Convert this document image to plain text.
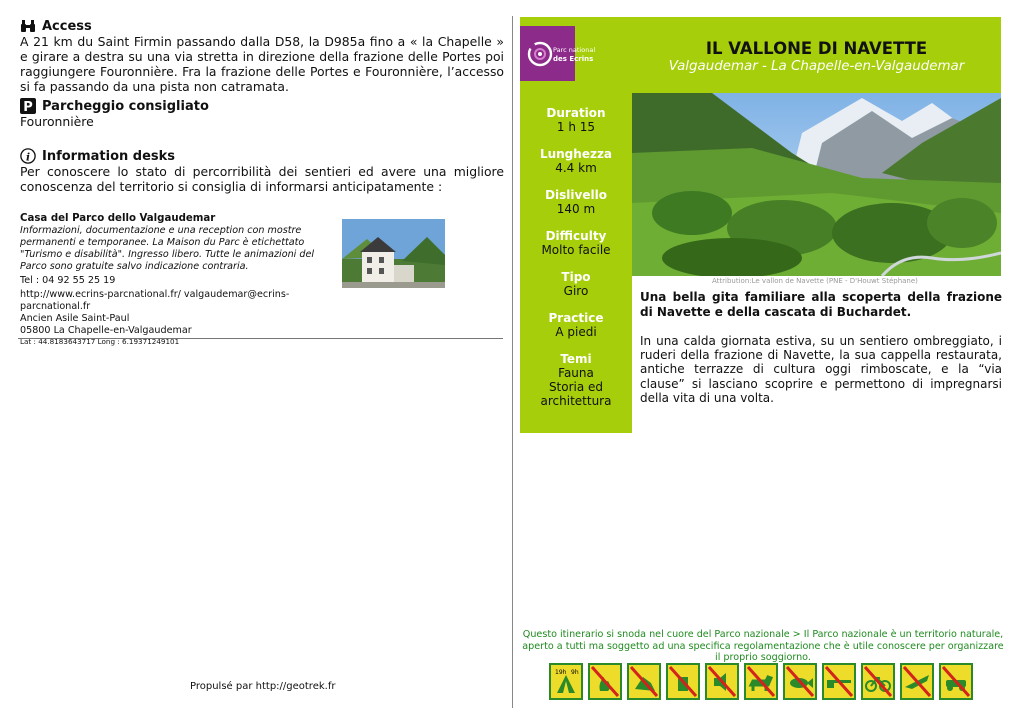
Access

A 21 km du Saint Firmin passando dalla D58, la D985a fino a « la Chapelle » e girare a destra su una via stretta in direzione della frazione delle Portes poi raggiungere Fouronnière. Fra la frazione delle Portes e Fouronnière, l’accesso si fa passando da una pista non catramata.

P Parcheggio consigliato

Fouronnière

i Information desks

Per conoscere lo stato di percorribilità dei sentieri ed avere una migliore conoscenza del territorio si consiglia di informarsi anticipatamente :

Casa del Parco dello Valgaudemar
Informazioni, documentazione e una reception con mostre permanenti e temporanee. La Maison du Parc è etichettato "Turismo e disabilità". Ingresso libero. Tutte le animazioni del Parco sono gratuite salvo indicazione contraria.
Tel : 04 92 55 25 19
http://www.ecrins-parcnational.fr/ valgaudemar@ecrins-parcnational.fr
Ancien Asile Saint-Paul
05800 La Chapelle-en-Valgaudemar
Lat : 44.8183643717 Long : 6.19371249101
Propulsé par http://geotrek.fr
Parc national
des Ecrins
Duration
1 h 15
Lunghezza
4.4 km
Dislivello
140 m
Difficulty
Molto facile
Tipo
Giro
Practice
A piedi
Temi
Fauna
Storia ed
architettura
IL VALLONE DI NAVETTE
Valgaudemar - La Chapelle-en-Valgaudemar
Attribution:Le vallon de Navette (PNE - D'Houwt Stéphane)

Una bella gita familiare alla scoperta della frazione di Navette e della cascata di Buchardet.

In una calda giornata estiva, su un sentiero ombreggiato, i ruderi della frazione di Navette, la sua cappella restaurata, antiche terrazze di cultura oggi rimboscate, e la “via clause” si lasciano scoprire e permettono di impregnarsi della vita di una volta.

Questo itinerario si snoda nel cuore del Parco nazionale > Il Parco nazionale è un territorio naturale, aperto a tutti ma soggetto ad una specifica regolamentazione che è utile conoscere per organizzare il proprio soggiorno.
19h 9h
